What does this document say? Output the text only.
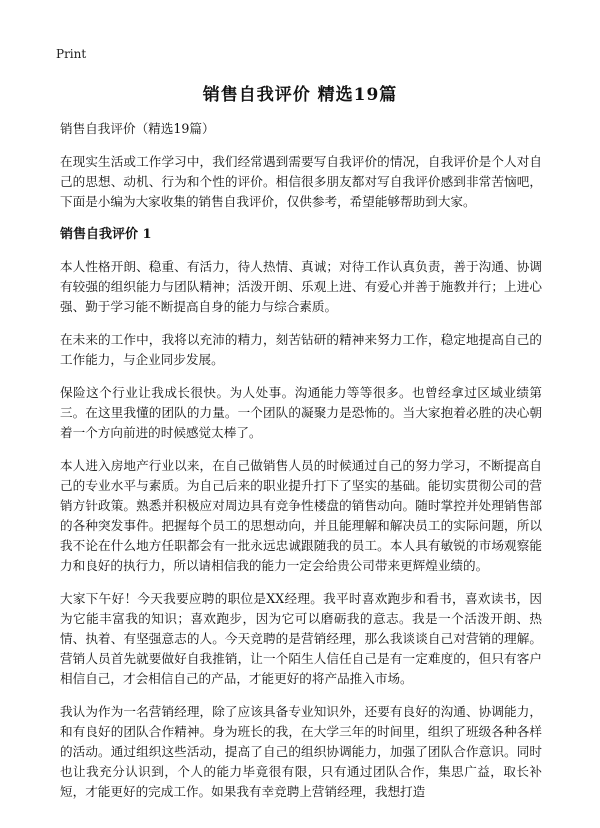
Print
销售自我评价 精选19篇

销售自我评价（精选19篇）

在现实生活或工作学习中，我们经常遇到需要写自我评价的情况，自我评价是个人对自己的思想、动机、行为和个性的评价。相信很多朋友都对写自我评价感到非常苦恼吧，下面是小编为大家收集的销售自我评价，仅供参考，希望能够帮助到大家。

销售自我评价 1

本人性格开朗、稳重、有活力，待人热情、真诚；对待工作认真负责，善于沟通、协调有较强的组织能力与团队精神；活泼开朗、乐观上进、有爱心并善于施教并行；上进心强、勤于学习能不断提高自身的能力与综合素质。

在未来的工作中，我将以充沛的精力，刻苦钻研的精神来努力工作，稳定地提高自己的工作能力，与企业同步发展。

保险这个行业让我成长很快。为人处事。沟通能力等等很多。也曾经拿过区域业绩第三。在这里我懂的团队的力量。一个团队的凝聚力是恐怖的。当大家抱着必胜的决心朝着一个方向前进的时候感觉太棒了。

本人进入房地产行业以来，在自己做销售人员的时候通过自己的努力学习，不断提高自己的专业水平与素质。为自己后来的职业提升打下了坚实的基础。能切实贯彻公司的营销方针政策。熟悉并积极应对周边具有竞争性楼盘的销售动向。随时掌控并处理销售部的各种突发事件。把握每个员工的思想动向，并且能理解和解决员工的实际问题，所以我不论在什么地方任职都会有一批永远忠诚跟随我的员工。本人具有敏锐的市场观察能力和良好的执行力，所以请相信我的能力一定会给贵公司带来更辉煌业绩的。

大家下午好！今天我要应聘的职位是XX经理。我平时喜欢跑步和看书，喜欢读书，因为它能丰富我的知识；喜欢跑步，因为它可以磨砺我的意志。我是一个活泼开朗、热情、执着、有坚强意志的人。今天竞聘的是营销经理，那么我谈谈自己对营销的理解。营销人员首先就要做好自我推销，让一个陌生人信任自己是有一定难度的，但只有客户相信自己，才会相信自己的产品，才能更好的将产品推入市场。

我认为作为一名营销经理，除了应该具备专业知识外，还要有良好的沟通、协调能力，和有良好的团队合作精神。身为班长的我，在大学三年的时间里，组织了班级各种各样的活动。通过组织这些活动，提高了自己的组织协调能力，加强了团队合作意识。同时也让我充分认识到，个人的能力毕竟很有限，只有通过团队合作，集思广益，取长补短，才能更好的完成工作。如果我有幸竞聘上营销经理，我想打造
